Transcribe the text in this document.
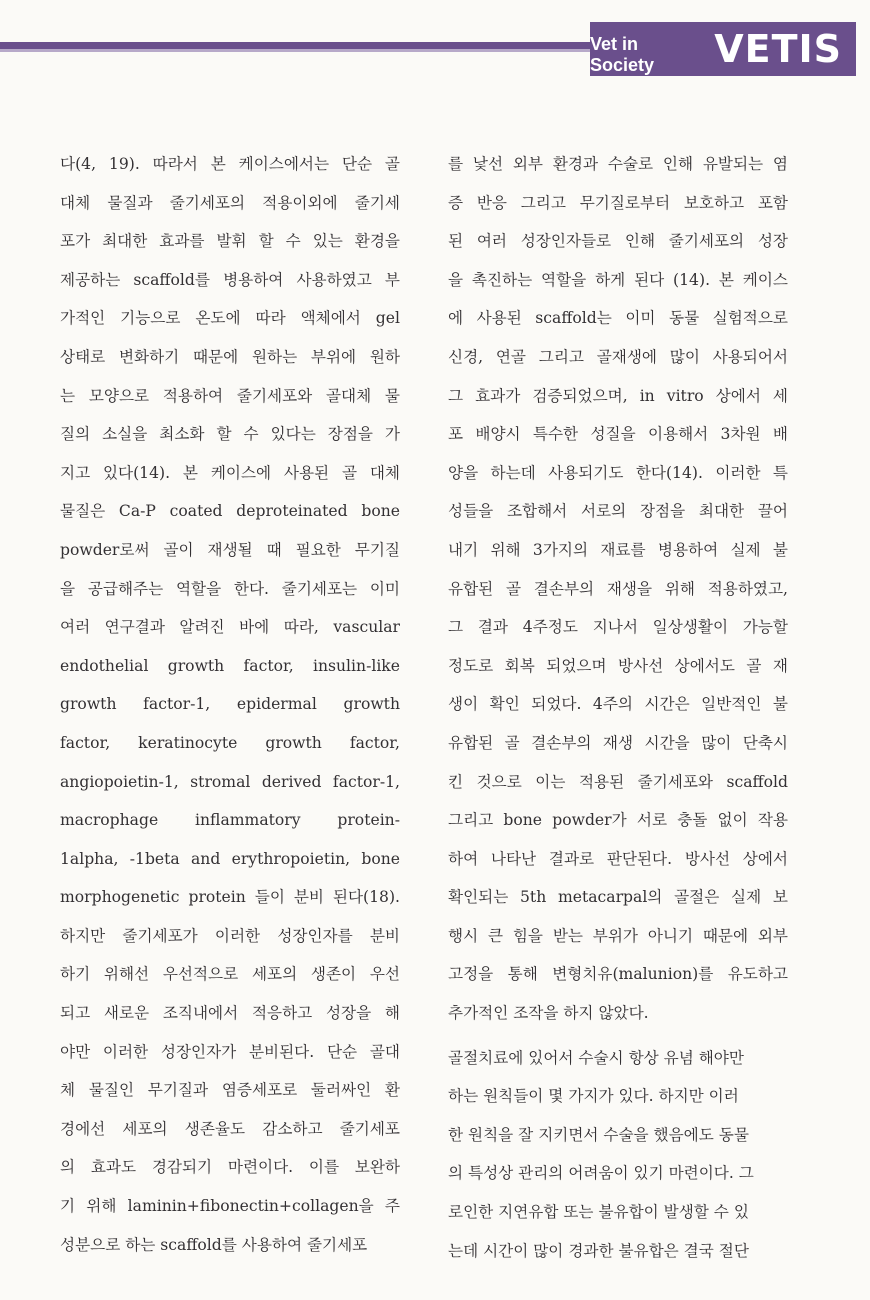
Vet in Society	VETIS
다(4, 19). 따라서 본 케이스에서는 단순 골
대체 물질과 줄기세포의 적용이외에 줄기세
포가 최대한 효과를 발휘 할 수 있는 환경을
제공하는 scaffold를 병용하여 사용하였고 부
가적인 기능으로 온도에 따라 액체에서 gel
상태로 변화하기 때문에 원하는 부위에 원하
는 모양으로 적용하여 줄기세포와 골대체 물
질의 소실을 최소화 할 수 있다는 장점을 가
지고 있다(14). 본 케이스에 사용된 골 대체
물질은 Ca-P coated deproteinated bone
powder로써 골이 재생될 때 필요한 무기질
을 공급해주는 역할을 한다. 줄기세포는 이미
여러 연구결과 알려진 바에 따라, vascular
endothelial growth factor, insulin-like
growth factor-1, epidermal growth
factor, keratinocyte growth factor,
angiopoietin-1, stromal derived factor-1,
macrophage inflammatory protein-
1alpha, -1beta and erythropoietin, bone
morphogenetic protein 들이 분비 된다(18).
하지만 줄기세포가 이러한 성장인자를 분비
하기 위해선 우선적으로 세포의 생존이 우선
되고 새로운 조직내에서 적응하고 성장을 해
야만 이러한 성장인자가 분비된다. 단순 골대
체 물질인 무기질과 염증세포로 둘러싸인 환
경에선 세포의 생존율도 감소하고 줄기세포
의 효과도 경감되기 마련이다. 이를 보완하
기 위해 laminin+fibonectin+collagen을 주
성분으로 하는 scaffold를 사용하여 줄기세포
를 낯선 외부 환경과 수술로 인해 유발되는 염
증 반응 그리고 무기질로부터 보호하고 포함
된 여러 성장인자들로 인해 줄기세포의 성장
을 촉진하는 역할을 하게 된다 (14). 본 케이스
에 사용된 scaffold는 이미 동물 실험적으로
신경, 연골 그리고 골재생에 많이 사용되어서
그 효과가 검증되었으며, in vitro 상에서 세
포 배양시 특수한 성질을 이용해서 3차원 배
양을 하는데 사용되기도 한다(14). 이러한 특
성들을 조합해서 서로의 장점을 최대한 끌어
내기 위해 3가지의 재료를 병용하여 실제 불
유합된 골 결손부의 재생을 위해 적용하였고,
그 결과 4주정도 지나서 일상생활이 가능할
정도로 회복 되었으며 방사선 상에서도 골 재
생이 확인 되었다. 4주의 시간은 일반적인 불
유합된 골 결손부의 재생 시간을 많이 단축시
킨 것으로 이는 적용된 줄기세포와 scaffold
그리고 bone powder가 서로 충돌 없이 작용
하여 나타난 결과로 판단된다. 방사선 상에서
확인되는 5th metacarpal의 골절은 실제 보
행시 큰 힘을 받는 부위가 아니기 때문에 외부
고정을 통해 변형치유(malunion)를 유도하고
추가적인 조작을 하지 않았다.
골절치료에 있어서 수술시 항상 유념 해야만
하는 원칙들이 몇 가지가 있다. 하지만 이러
한 원칙을 잘 지키면서 수술을 했음에도 동물
의 특성상 관리의 어려움이 있기 마련이다. 그
로인한 지연유합 또는 불유합이 발생할 수 있
는데 시간이 많이 경과한 불유합은 결국 절단
